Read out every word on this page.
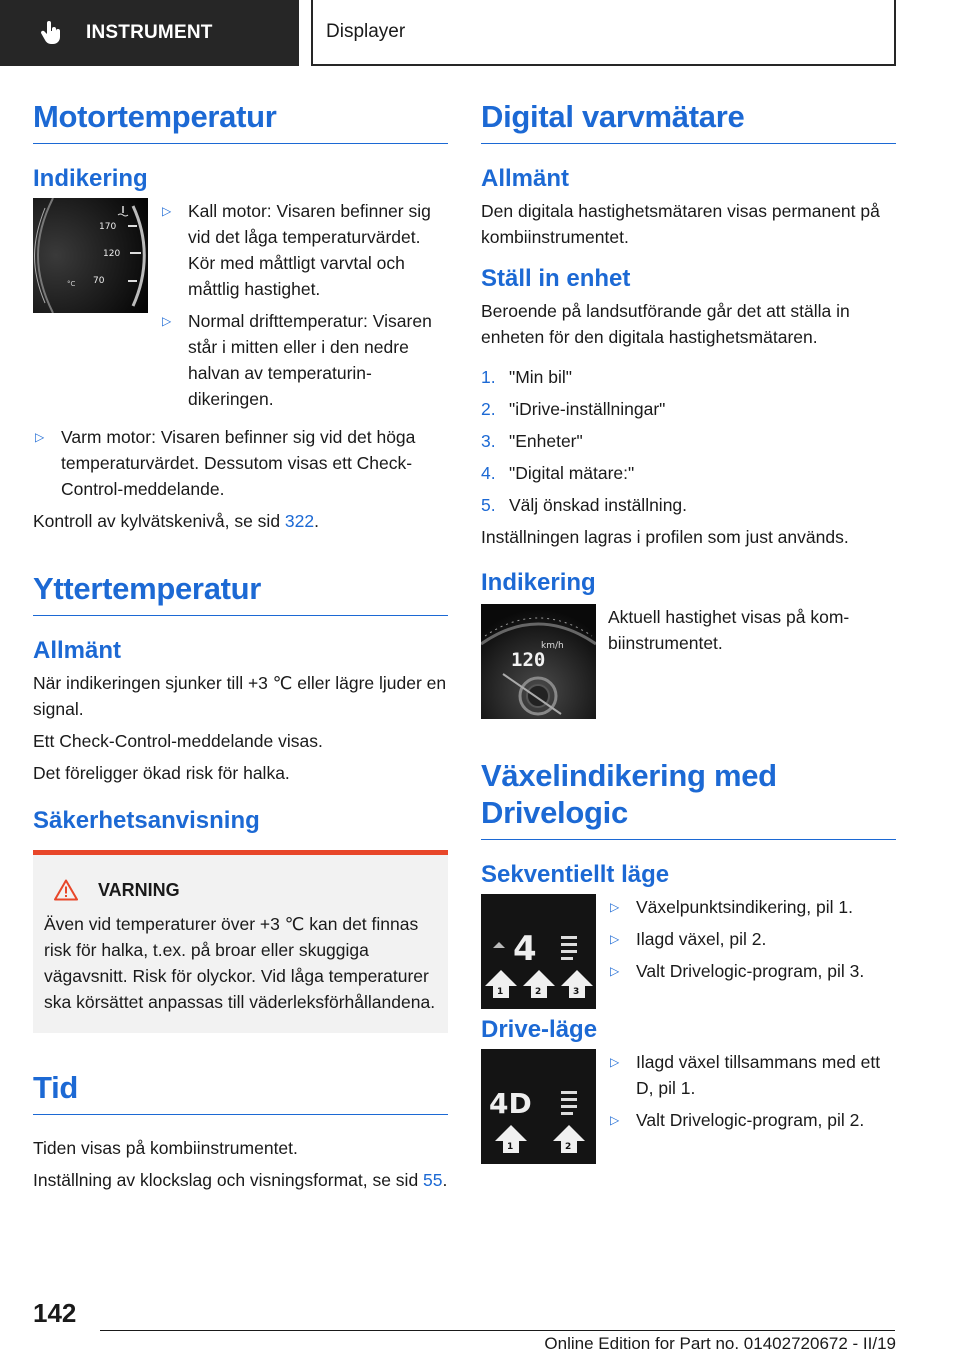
INSTRUMENT	Displayer
Motortemperatur
Indikering
170
120
70
°C
▷ Kall motor: Visaren befinner sig vid det låga temperaturvärdet. Kör med måttligt varvtal och måttlig hastighet.
▷ Normal drifttemperatur: Visaren står i mitten eller i den nedre halvan av temperaturindikeringen.
▷ Varm motor: Visaren befinner sig vid det höga temperaturvärdet. Dessutom visas ett Check-Control-meddelande.

Kontroll av kylvätskenivå, se sid 322.

Yttertemperatur
Allmänt

När indikeringen sjunker till +3 ℃ eller lägre ljuder en signal.

Ett Check-Control-meddelande visas.

Det föreligger ökad risk för halka.

Säkerhetsanvisning
VARNING

Även vid temperaturer över +3 ℃ kan det finnas risk för halka, t.ex. på broar eller skuggiga vägavsnitt. Risk för olyckor. Vid låga temperaturer ska körsättet anpassas till väderleksförhållandena.

Tid

Tiden visas på kombiinstrumentet.

Inställning av klockslag och visningsformat, se sid 55.

Digital varvmätare
Allmänt

Den digitala hastighetsmätaren visas permanent på kombiinstrumentet.

Ställ in enhet

Beroende på landsutförande går det att ställa in enheten för den digitala hastighetsmätaren.

1. "Min bil"
2. "iDrive-inställningar"
3. "Enheter"
4. "Digital mätare:"
5. Välj önskad inställning.

Inställningen lagras i profilen som just används.

Indikering
km/h
120

Aktuell hastighet visas på kombiinstrumentet.

Växelindikering med Drivelogic
Sekventiellt läge
4
1	2	3
▷ Växelpunktsindikering, pil 1.
▷ Ilagd växel, pil 2.
▷ Valt Drivelogic-program, pil 3.
Drive-läge
4D
1	2
▷ Ilagd växel tillsammans med ett D, pil 1.
▷ Valt Drivelogic-program, pil 2.
142
Online Edition for Part no. 01402720672 - II/19
